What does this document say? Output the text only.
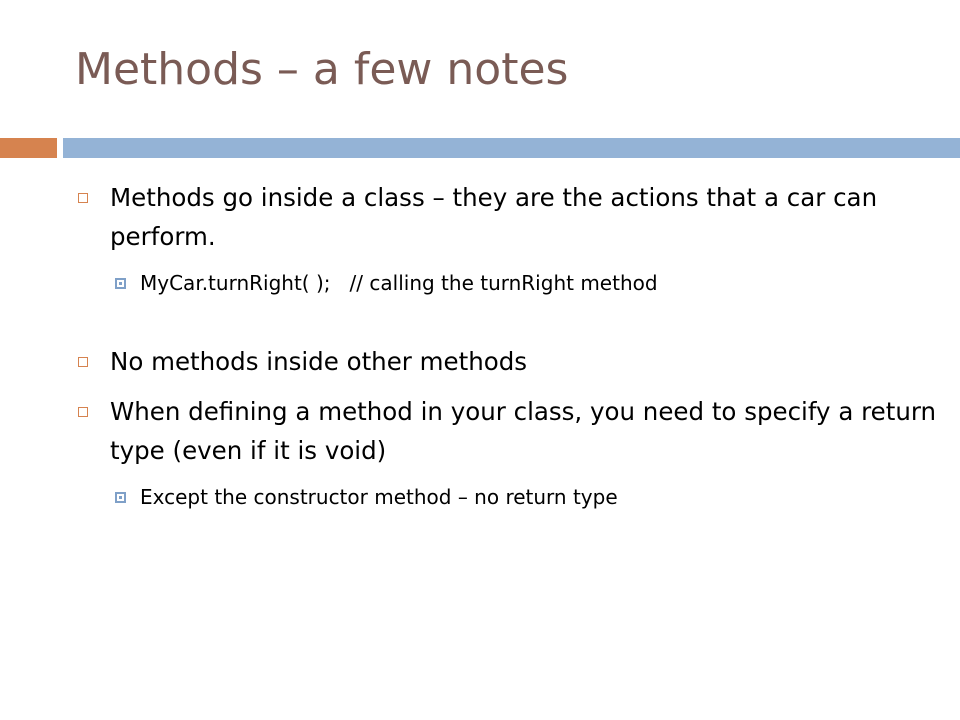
Methods – a few notes
Methods go inside a class – they are the actions that a car can perform.
MyCar.turnRight( );   // calling the turnRight method
No methods inside other methods
When defining a method in your class, you need to specify a return type (even if it is void)
Except the constructor method – no return type
